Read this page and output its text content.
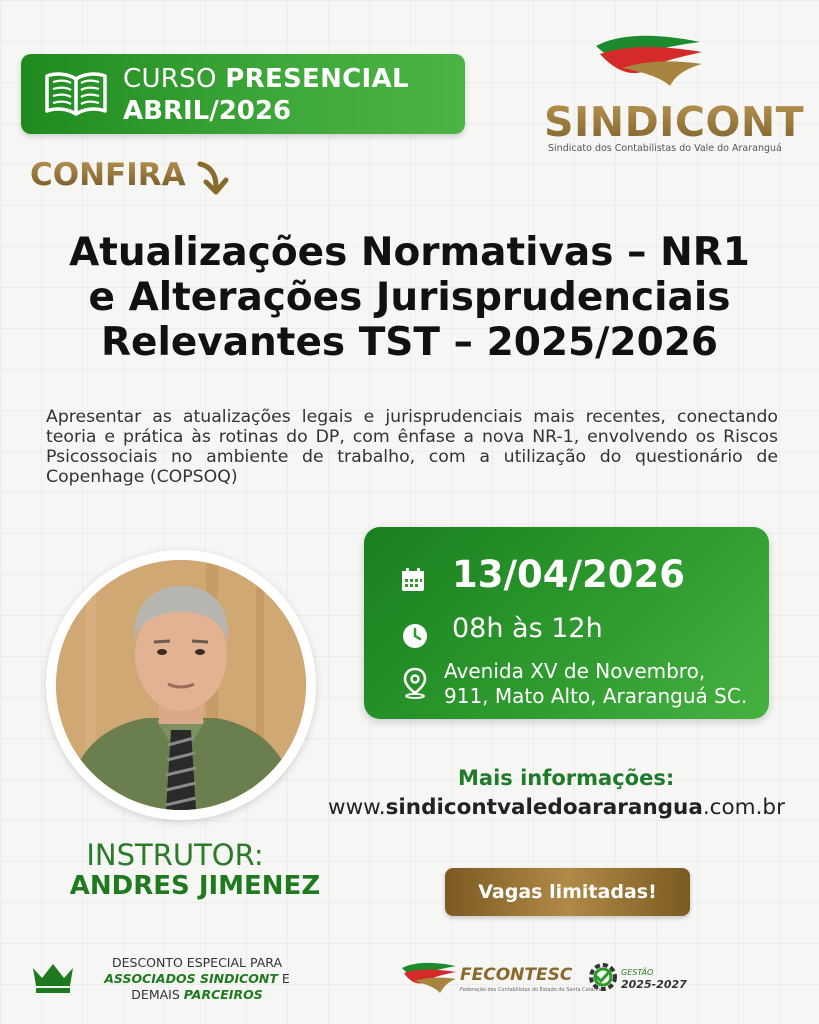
CURSO PRESENCIAL
ABRIL/2026	SINDICONT
Sindicato dos Contabilistas do Vale do Araranguá
CONFIRA
Atualizações Normativas – NR1
e Alterações Jurisprudenciais
Relevantes TST – 2025/2026
Apresentar as atualizações legais e jurisprudenciais mais recentes, conectando teoria e prática às rotinas do DP, com ênfase a nova NR-1, envolvendo os Riscos Psicossociais no ambiente de trabalho, com a utilização do questionário de Copenhage (COPSOQ)
13/04/2026
08h às 12h
Avenida XV de Novembro,
911, Mato Alto, Araranguá SC.
Mais informações:
www.sindicontvaledoararangua.com.br
INSTRUTOR:
ANDRES JIMENEZ	Vagas limitadas!
DESCONTO ESPECIAL PARA
ASSOCIADOS SINDICONT E
DEMAIS PARCEIROS
FECONTESC
Federação dos Contabilistas do Estado de Santa Catarina
GESTÃO
2025-2027
